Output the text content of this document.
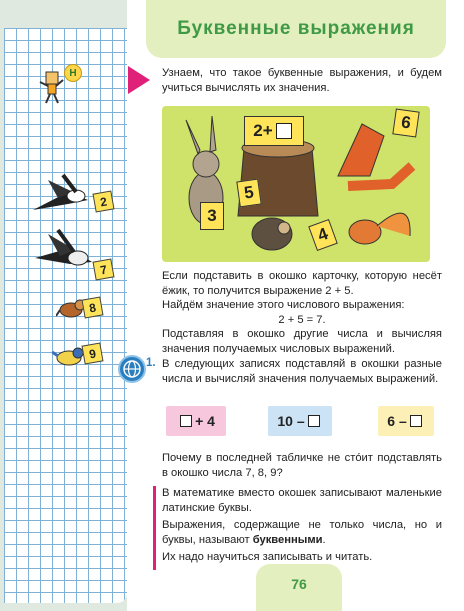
Н
2
7
8
9
Буквенные выражения
Узнаем, что такое буквенные выражения, и будем учиться вычислять их значения.
2+
3
5
4
6
Если подставить в окошко карточку, которую несёт ёжик, то получится выражение 2 + 5.
Найдём значение этого числового выражения:
2 + 5 = 7.
Подставляя в окошко другие числа и вычисляя значения получаемых числовых выражений.
1. В следующих записях подставляй в окошки разные числа и вычисляй значения получаемых выражений.
+ 4	10 –	6 –
Почему в последней табличке не стóит подставлять в окошко числа 7, 8, 9?
В математике вместо окошек записывают маленькие латинские буквы.
Выражения, содержащие не только числа, но и буквы, называют буквенными.
Их надо научиться записывать и читать.
76
